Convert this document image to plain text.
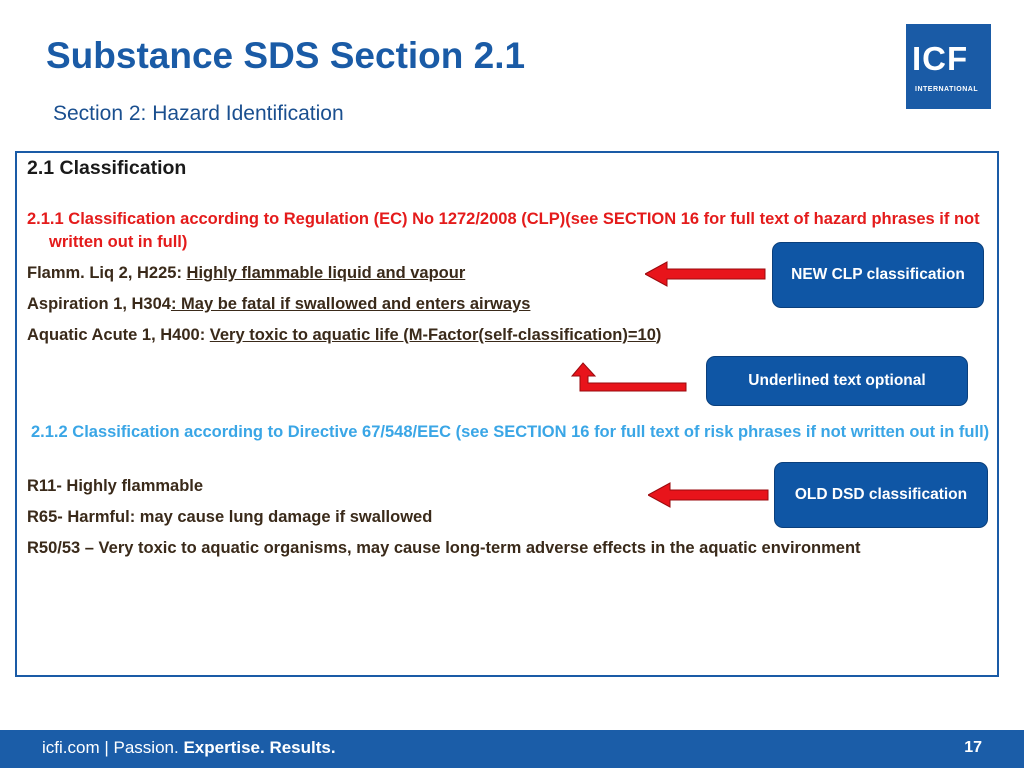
Substance SDS Section 2.1
Section 2: Hazard Identification
ICF
INTERNATIONAL

2.1 Classification

2.1.1 Classification according to Regulation (EC) No 1272/2008 (CLP)(see SECTION 16 for full text of hazard phrases if not written out in full)

Flamm. Liq 2, H225: Highly flammable liquid and vapour

Aspiration 1, H304: May be fatal if swallowed and enters airways

Aquatic Acute 1, H400: Very toxic to aquatic life (M-Factor(self-classification)=10)

2.1.2 Classification according to Directive 67/548/EEC (see SECTION 16 for full text of risk phrases if not written out in full)

R11- Highly flammable

R65- Harmful: may cause lung damage if swallowed

R50/53 – Very toxic to aquatic organisms, may cause long-term adverse effects in the aquatic environment

NEW CLP classification
Underlined text optional
OLD DSD classification
icfi.com | Passion. Expertise. Results.	17
